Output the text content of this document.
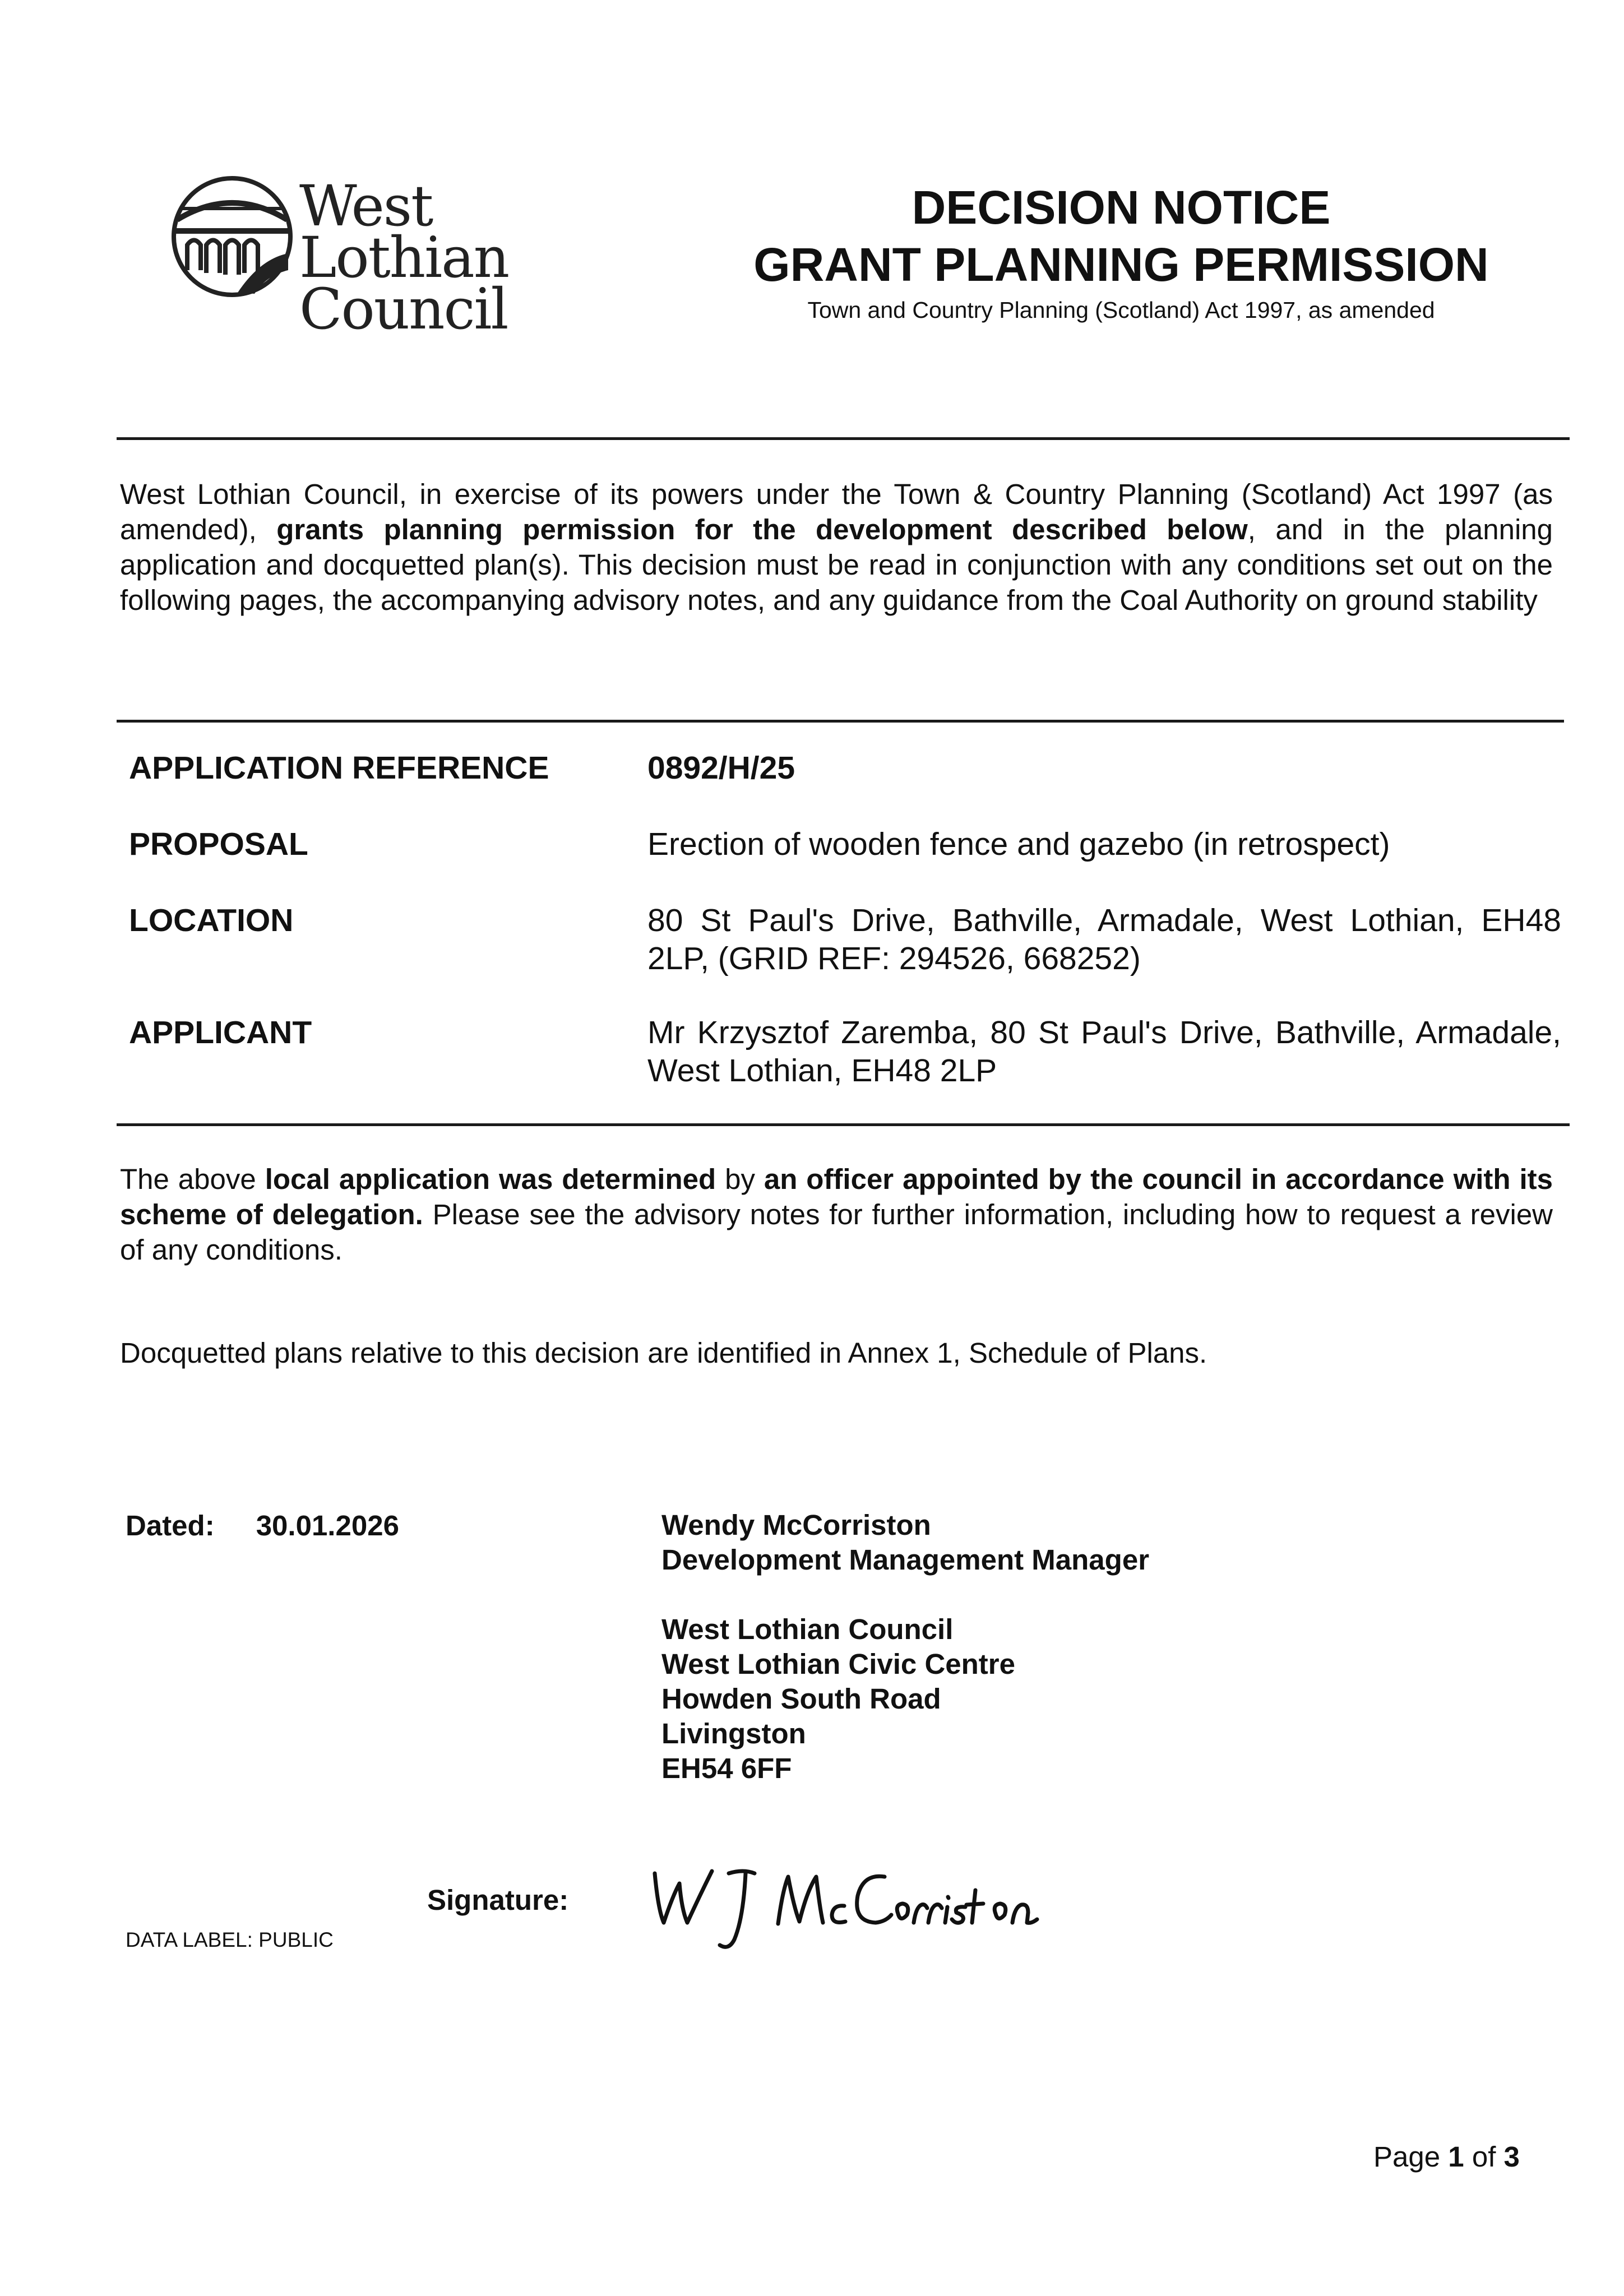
West Lothian
Council
DECISION NOTICE
GRANT PLANNING PERMISSION
Town and Country Planning (Scotland) Act 1997, as amended
West Lothian Council, in exercise of its powers under the Town & Country Planning (Scotland) Act 1997 (as amended), grants planning permission for the development described below, and in the planning application and docquetted plan(s). This decision must be read in conjunction with any conditions set out on the following pages, the accompanying advisory notes, and any guidance from the Coal Authority on ground stability
APPLICATION REFERENCE	0892/H/25
PROPOSAL	Erection of wooden fence and gazebo (in retrospect)
LOCATION	80 St Paul's Drive, Bathville, Armadale, West Lothian, EH48 2LP, (GRID REF: 294526, 668252)
APPLICANT	Mr Krzysztof Zaremba, 80 St Paul's Drive, Bathville, Armadale, West Lothian, EH48 2LP
The above local application was determined by an officer appointed by the council in accordance with its scheme of delegation. Please see the advisory notes for further information, including how to request a review of any conditions.
Docquetted plans relative to this decision are identified in Annex 1, Schedule of Plans.
Dated: 30.01.2026	Wendy McCorriston
Development Management Manager
West Lothian Council
West Lothian Civic Centre
Howden South Road
Livingston
EH54 6FF
Signature:
DATA LABEL: PUBLIC
Page 1 of 3
